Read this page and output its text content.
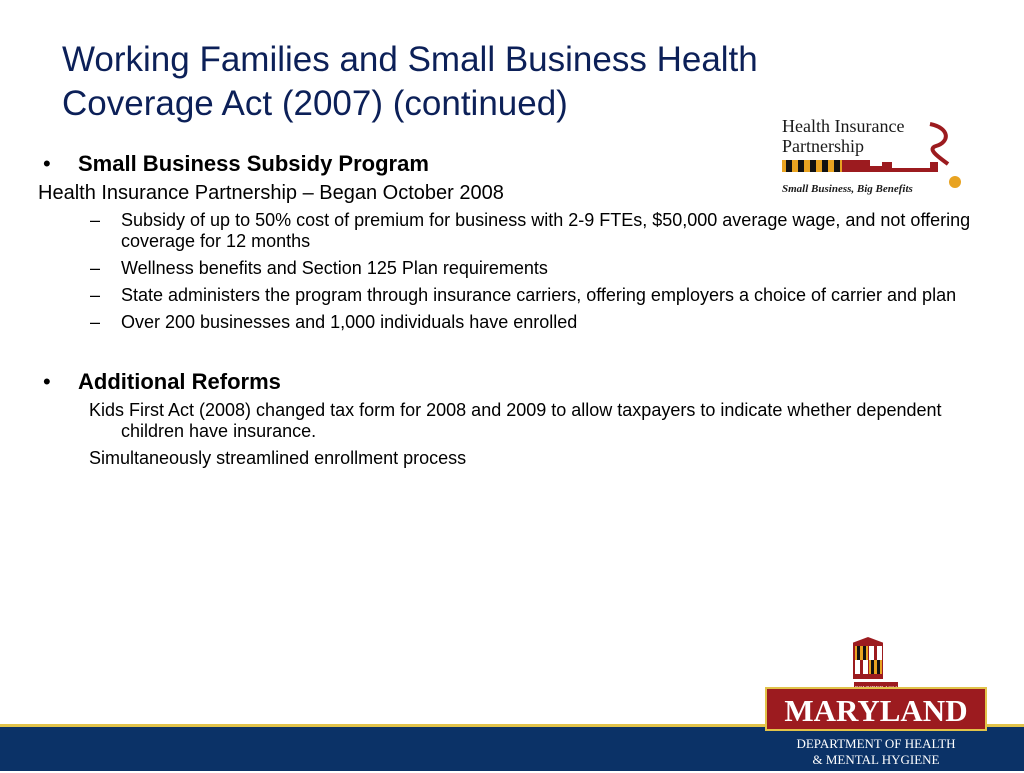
Working Families and Small Business Health Coverage Act (2007) (continued)
Health Insurance
Partnership
Small Business, Big Benefits

• Small Business Subsidy Program

Health Insurance Partnership – Began October 2008

– Subsidy of up to 50% cost of premium for business with 2-9 FTEs, $50,000 average wage, and not offering coverage for 12 months

– Wellness benefits and Section 125 Plan requirements

– State administers the program through insurance carriers, offering employers a choice of carrier and plan

– Over 200 businesses and 1,000 individuals have enrolled

• Additional Reforms

Kids First Act (2008) changed tax form for 2008 and 2009 to allow taxpayers to indicate whether dependent children have insurance.

Simultaneously streamlined enrollment process

MARYLAND
DEPARTMENT OF HEALTH
& MENTAL HYGIENE
